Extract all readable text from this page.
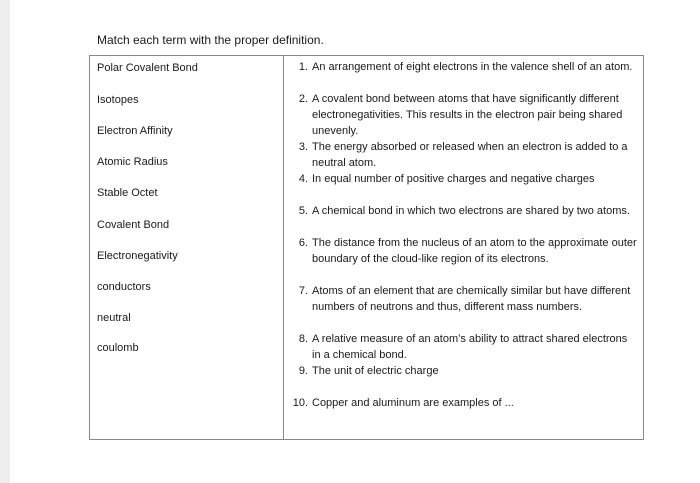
Match each term with the proper definition.
Polar Covalent Bond
Isotopes
Electron Affinity
Atomic Radius
Stable Octet
Covalent Bond
Electronegativity
conductors
neutral
coulomb
1. An arrangement of eight electrons in the valence shell of an atom.
2. A covalent bond between atoms that have significantly different electronegativities. This results in the electron pair being shared unevenly.
3. The energy absorbed or released when an electron is added to a neutral atom.
4. In equal number of positive charges and negative charges
5. A chemical bond in which two electrons are shared by two atoms.
6. The distance from the nucleus of an atom to the approximate outer boundary of the cloud-like region of its electrons.
7. Atoms of an element that are chemically similar but have different numbers of neutrons and thus, different mass numbers.
8. A relative measure of an atom’s ability to attract shared electrons in a chemical bond.
9. The unit of electric charge
10. Copper and aluminum are examples of ...
